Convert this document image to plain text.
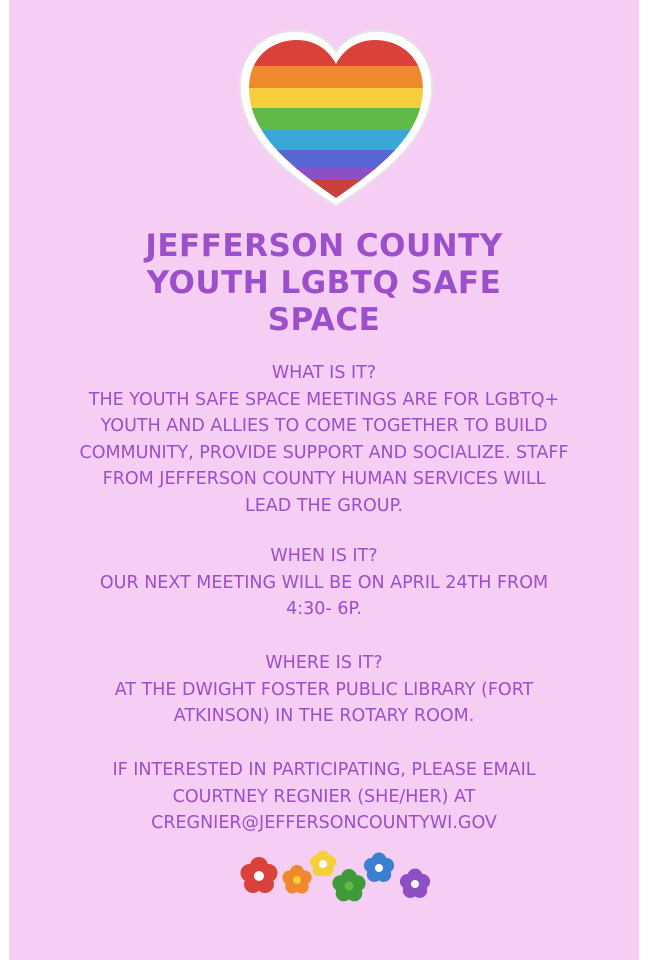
JEFFERSON COUNTY
YOUTH LGBTQ SAFE
SPACE
WHAT IS IT?
THE YOUTH SAFE SPACE MEETINGS ARE FOR LGBTQ+
YOUTH AND ALLIES TO COME TOGETHER TO BUILD
COMMUNITY, PROVIDE SUPPORT AND SOCIALIZE. STAFF
FROM JEFFERSON COUNTY HUMAN SERVICES WILL
LEAD THE GROUP.
WHEN IS IT?
OUR NEXT MEETING WILL BE ON APRIL 24TH FROM
4:30- 6P.
WHERE IS IT?
AT THE DWIGHT FOSTER PUBLIC LIBRARY (FORT
ATKINSON) IN THE ROTARY ROOM.
IF INTERESTED IN PARTICIPATING, PLEASE EMAIL
COURTNEY REGNIER (SHE/HER) AT
CREGNIER@JEFFERSONCOUNTYWI.GOV
